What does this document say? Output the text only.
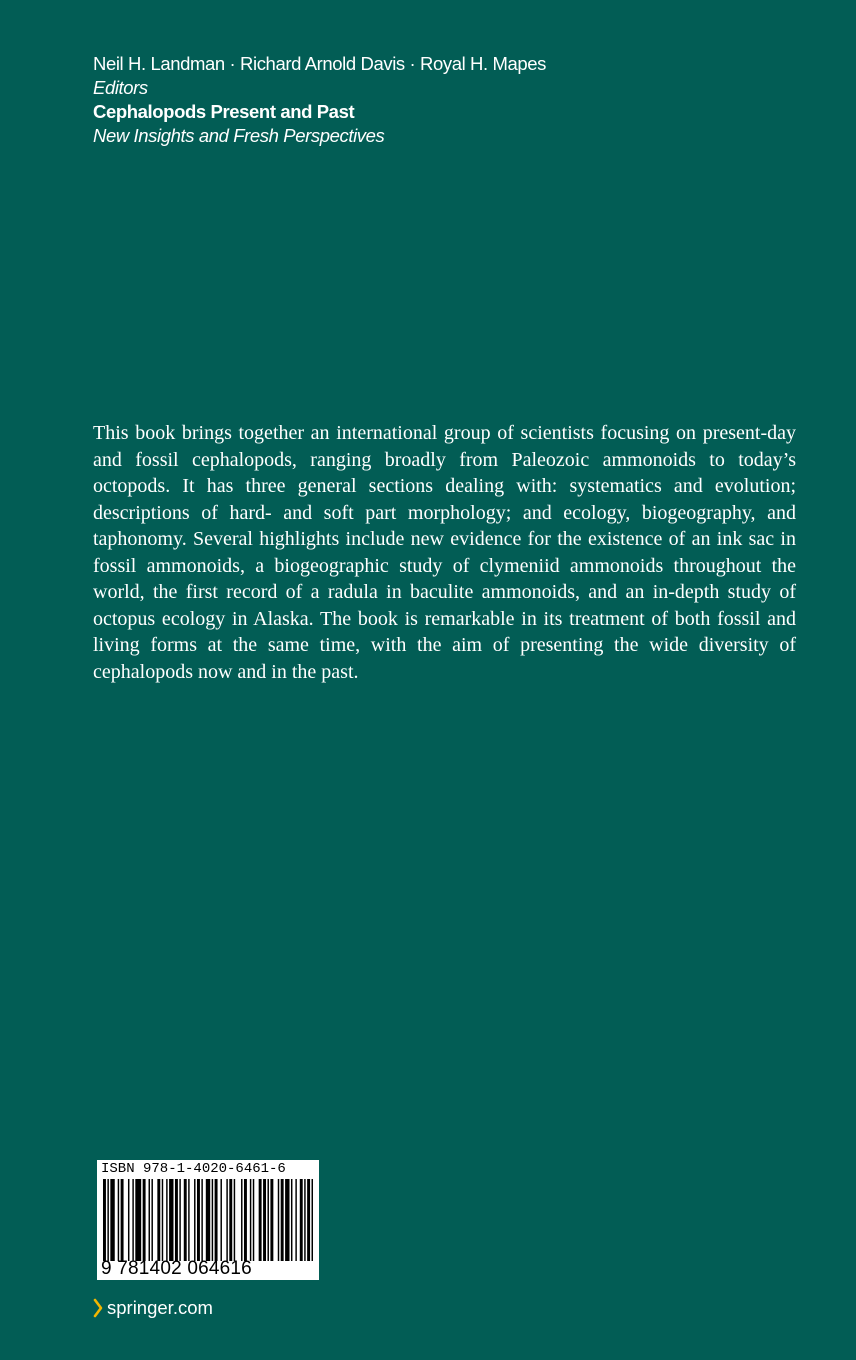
Neil H. Landman · Richard Arnold Davis · Royal H. Mapes
Editors
Cephalopods Present and Past
New Insights and Fresh Perspectives
This book brings together an international group of scientists focusing on present-day and fossil cephalopods, ranging broadly from Paleozoic ammonoids to today’s octopods. It has three general sections dealing with: systematics and evolution; descriptions of hard- and soft part morphology; and ecology, biogeography, and taphonomy. Several highlights include new evidence for the existence of an ink sac in fossil ammonoids, a biogeographic study of clymeniid ammonoids throughout the world, the first record of a radula in baculite ammonoids, and an in-depth study of octopus ecology in Alaska. The book is remarkable in its treatment of both fossil and living forms at the same time, with the aim of presenting the wide diversity of cephalopods now and in the past.
ISBN 978-1-4020-6461-6
9 781402 064616
springer.com
